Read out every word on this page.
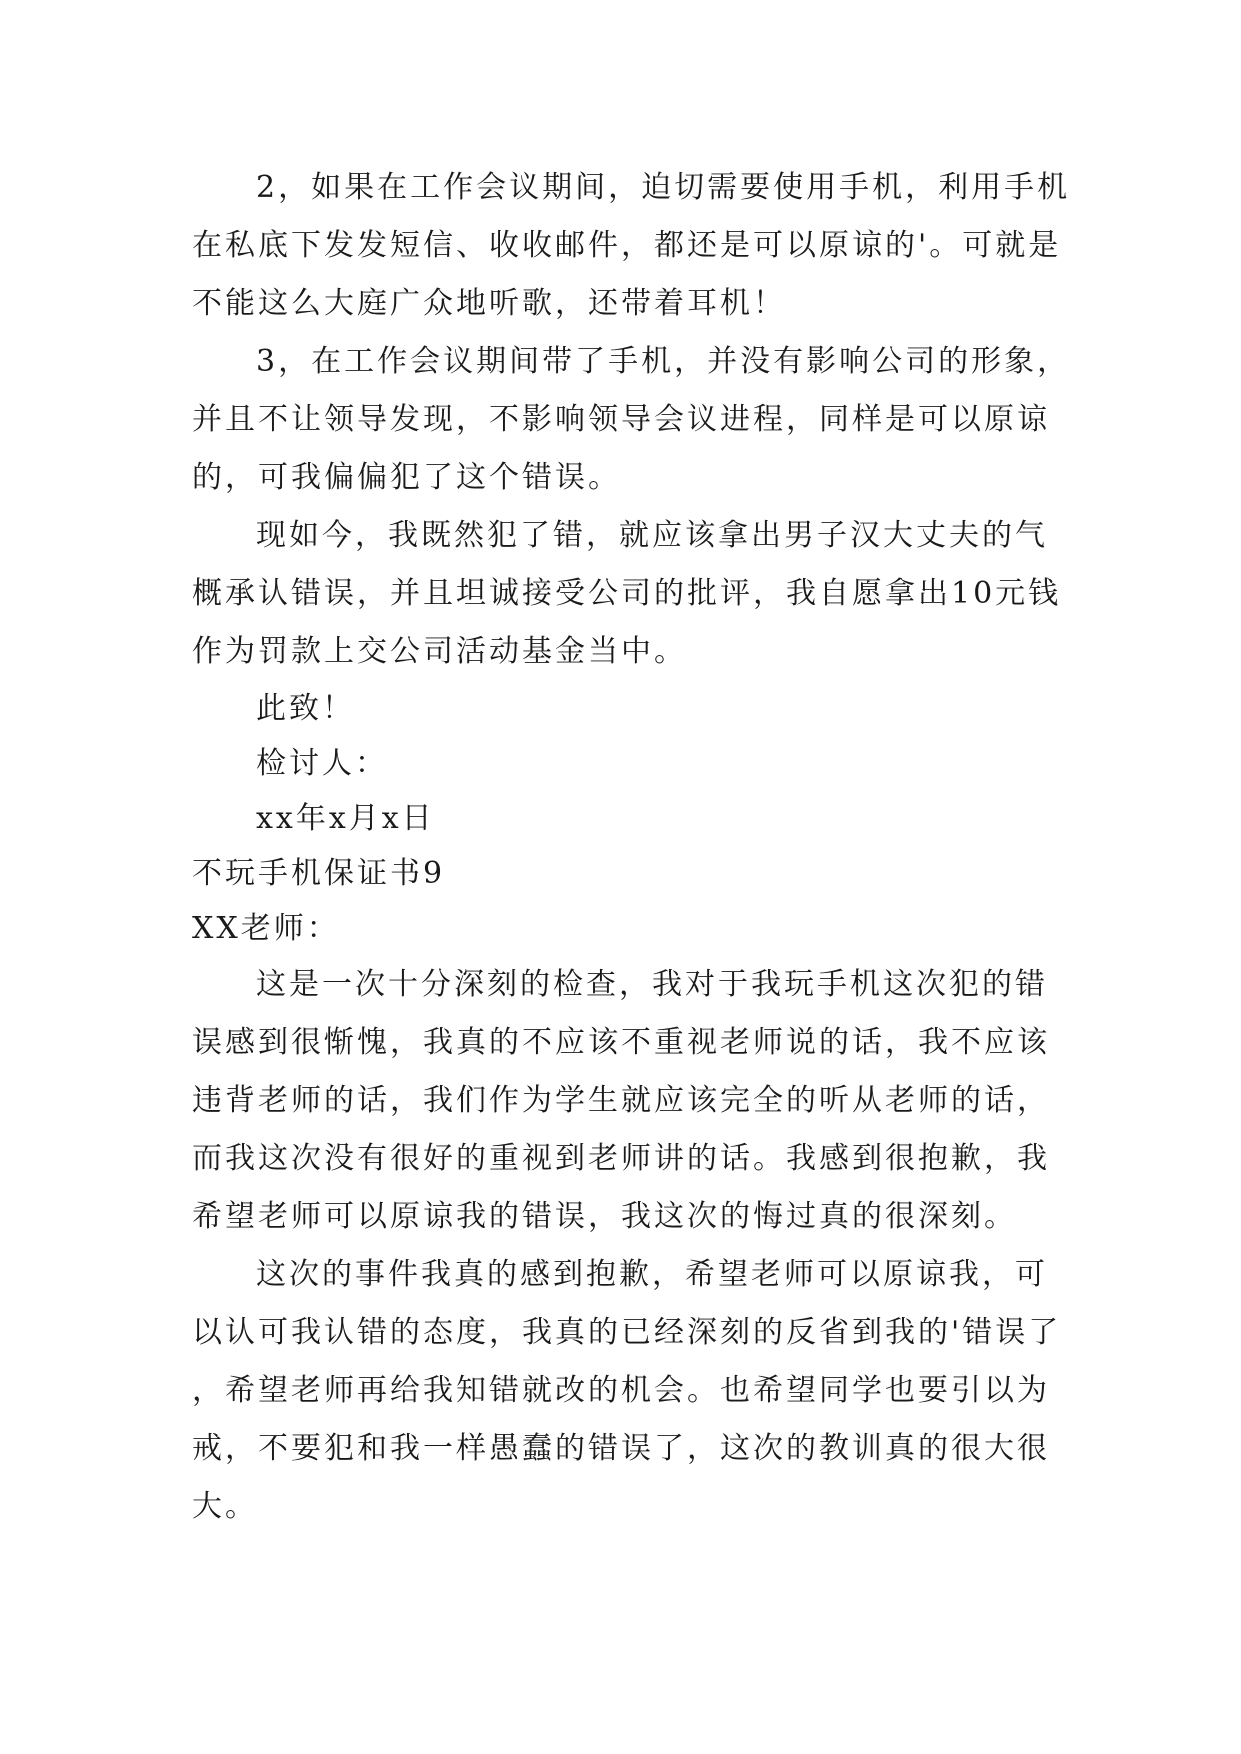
2，如果在工作会议期间，迫切需要使用手机，利用手机在私底下发发短信、收收邮件，都还是可以原谅的'。可就是不能这么大庭广众地听歌，还带着耳机！

3，在工作会议期间带了手机，并没有影响公司的形象，并且不让领导发现，不影响领导会议进程，同样是可以原谅的，可我偏偏犯了这个错误。

现如今，我既然犯了错，就应该拿出男子汉大丈夫的气概承认错误，并且坦诚接受公司的批评，我自愿拿出10元钱作为罚款上交公司活动基金当中。

此致！

检讨人：

xx年x月x日

不玩手机保证书9

XX老师：

这是一次十分深刻的检查，我对于我玩手机这次犯的错误感到很惭愧，我真的不应该不重视老师说的话，我不应该违背老师的话，我们作为学生就应该完全的听从老师的话，而我这次没有很好的重视到老师讲的话。我感到很抱歉，我希望老师可以原谅我的错误，我这次的悔过真的很深刻。

这次的事件我真的感到抱歉，希望老师可以原谅我，可以认可我认错的态度，我真的已经深刻的反省到我的'错误了，希望老师再给我知错就改的机会。也希望同学也要引以为戒，不要犯和我一样愚蠢的错误了，这次的教训真的很大很大。
